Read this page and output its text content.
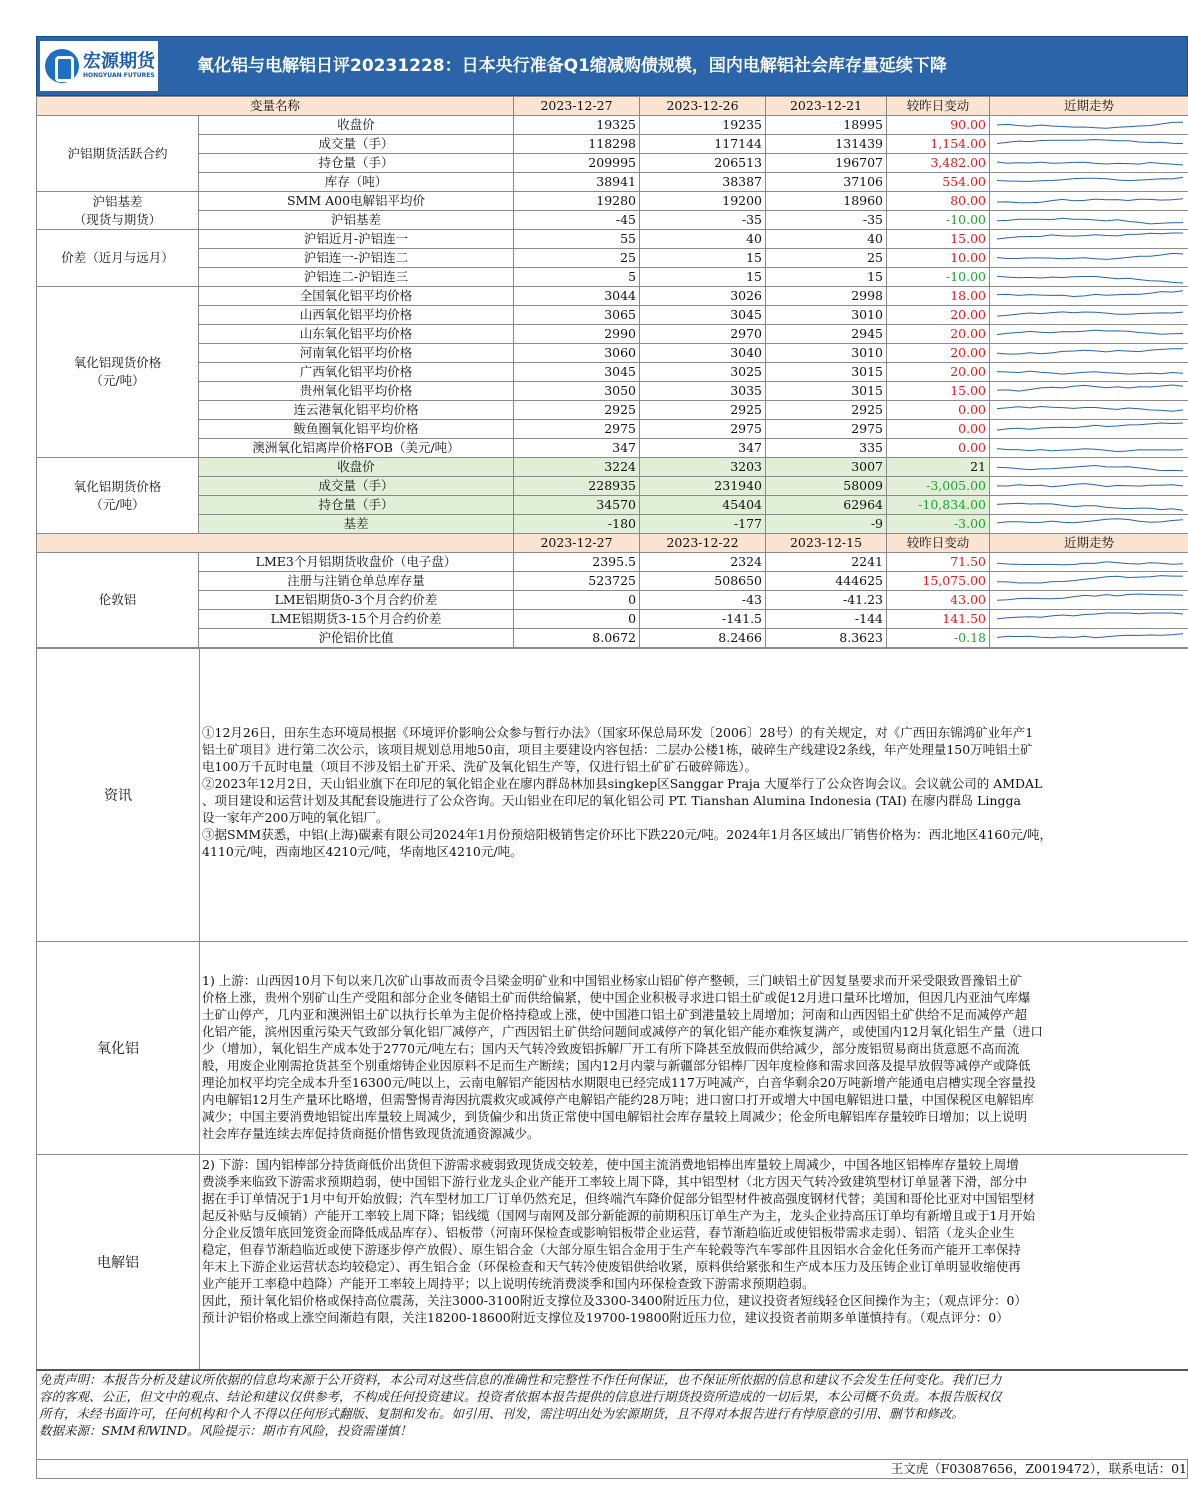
宏源期货
HONGYUAN FUTURES 氧化铝与电解铝日评20231228：日本央行准备Q1缩减购债规模，国内电解铝社会库存量延续下降
变量名称		2023-12-27	2023-12-26	2023-12-21	较昨日变动	近期走势
沪铝期货活跃合约	收盘价	19325	19235	18995	90.00	

	成交量（手）	118298	117144	131439	1,154.00	

	持仓量（手）	209995	206513	196707	3,482.00	

	库存（吨）	38941	38387	37106	554.00	

沪铝基差
（现货与期货）	SMM A00电解铝平均价	19280	19200	18960	80.00	

	沪铝基差	-45	-35	-35	-10.00	

价差（近月与远月）	沪铝近月-沪铝连一	55	40	40	15.00	

	沪铝连一-沪铝连二	25	15	25	10.00	

	沪铝连二-沪铝连三	5	15	15	-10.00	

氧化铝现货价格
（元/吨）	全国氧化铝平均价格	3044	3026	2998	18.00	

	山西氧化铝平均价格	3065	3045	3010	20.00	

	山东氧化铝平均价格	2990	2970	2945	20.00	

	河南氧化铝平均价格	3060	3040	3010	20.00	

	广西氧化铝平均价格	3045	3025	3015	20.00	

	贵州氧化铝平均价格	3050	3035	3015	15.00	

	连云港氧化铝平均价格	2925	2925	2925	0.00	

	鲅鱼圈氧化铝平均价格	2975	2975	2975	0.00	

	澳洲氧化铝离岸价格FOB（美元/吨）	347	347	335	0.00	

氧化铝期货价格
（元/吨）	收盘价	3224	3203	3007	21	

	成交量（手）	228935	231940	58009	-3,005.00	

	持仓量（手）	34570	45404	62964	-10,834.00	

	基差	-180	-177	-9	-3.00	

		2023-12-27	2023-12-22	2023-12-15	较昨日变动	近期走势
伦敦铝	LME3个月铝期货收盘价（电子盘）	2395.5	2324	2241	71.50	

	注册与注销仓单总库存量	523725	508650	444625	15,075.00	

	LME铝期货0-3个月合约价差	0	-43	-41.23	43.00	

	LME铝期货3-15个月合约价差	0	-141.5	-144	141.50	

	沪伦铝价比值	8.0672	8.2466	8.3623	-0.18	
资讯
①12月26日，田东生态环境局根据《环境评价影响公众参与暂行办法》（国家环保总局环发〔2006〕28号）的有关规定，对《广西田东锦鸿矿业年产1
铝土矿项目》进行第二次公示，该项目规划总用地50亩，项目主要建设内容包括：二层办公楼1栋，破碎生产线建设2条线，年产处理量150万吨铝土矿
电100万千瓦时电量（项目不涉及铝土矿开采、洗矿及氧化铝生产等，仅进行铝土矿矿石破碎筛选）。
②2023年12月2日，天山铝业旗下在印尼的氧化铝企业在廖内群岛林加县singkep区Sanggar Praja 大厦举行了公众咨询会议。会议就公司的 AMDAL
、项目建设和运营计划及其配套设施进行了公众咨询。天山铝业在印尼的氧化铝公司 PT. Tianshan Alumina Indonesia (TAI) 在廖内群岛 Lingga
设一家年产200万吨的氧化铝厂。
③据SMM获悉，中铝(上海)碳素有限公司2024年1月份预焙阳极销售定价环比下跌220元/吨。2024年1月各区域出厂销售价格为：西北地区4160元/吨，
4110元/吨，西南地区4210元/吨，华南地区4210元/吨。
氧化铝
1) 上游：山西因10月下旬以来几次矿山事故而责令吕梁金明矿业和中国铝业杨家山铝矿停产整顿，三门峡铝土矿因复垦要求而开采受限致晋豫铝土矿
价格上涨，贵州个别矿山生产受阻和部分企业冬储铝土矿而供给偏紧，使中国企业积极寻求进口铝土矿或促12月进口量环比增加，但因几内亚油气库爆
土矿山停产，几内亚和澳洲铝土矿以执行长单为主促价格持稳或上涨，使中国港口铝土矿到港量较上周增加；河南和山西因铝土矿供给不足而减停产超
化铝产能，滨州因重污染天气致部分氧化铝厂减停产，广西因铝土矿供给问题间或减停产的氧化铝产能亦难恢复满产，或使国内12月氧化铝生产量（进口
少（增加），氧化铝生产成本处于2770元/吨左右；国内天气转冷致废铝拆解厂开工有所下降甚至放假而供给减少，部分废铝贸易商出货意愿不高而流
般，用废企业刚需抢货甚至个别重熔铸企业因原料不足而生产断续；国内12月内蒙与新疆部分铝棒厂因年度检修和需求回落及提早放假等减停产或降低
理论加权平均完全成本升至16300元/吨以上，云南电解铝产能因枯水期限电已经完成117万吨减产，白音华剩余20万吨新增产能通电启槽实现全容量投
内电解铝12月生产量环比略增，但需警惕青海因抗震救灾或减停产电解铝产能约28万吨；进口窗口打开或增大中国电解铝进口量，中国保税区电解铝库
减少；中国主要消费地铝锭出库量较上周减少，到货偏少和出货正常使中国电解铝社会库存量较上周减少；伦金所电解铝库存量较昨日增加；以上说明
社会库存量连续去库促持货商挺价惜售致现货流通资源减少。
电解铝
2) 下游：国内铝棒部分持货商低价出货但下游需求疲弱致现货成交较差，使中国主流消费地铝棒出库量较上周减少，中国各地区铝棒库存量较上周增
费淡季来临致下游需求预期趋弱，使中国铝下游行业龙头企业产能开工率较上周下降，其中铝型材（北方因天气转冷致建筑型材订单显著下滑，部分中
据在手订单情况于1月中旬开始放假；汽车型材加工厂订单仍然充足，但终端汽车降价促部分铝型材件被高强度钢材代替；美国和哥伦比亚对中国铝型材
起反补贴与反倾销）产能开工率较上周下降；铝线缆（国网与南网及部分新能源的前期积压订单生产为主，龙头企业持高压订单均有新增且或于1月开始
分企业反馈年底回笼资金而降低成品库存）、铝板带（河南环保检查或影响铝板带企业运营，春节渐趋临近或使铝板带需求走弱）、铝箔（龙头企业生
稳定，但春节渐趋临近或使下游逐步停产放假）、原生铝合金（大部分原生铝合金用于生产车轮毂等汽车零部件且因铝水合金化任务而产能开工率保持
年末上下游企业运营状态均较稳定）、再生铝合金（环保检查和天气转冷使废铝供给收紧，原料供给紧张和生产成本压力及压铸企业订单明显收缩使再
业产能开工率稳中趋降）产能开工率较上周持平；以上说明传统消费淡季和国内环保检查致下游需求预期趋弱。
因此，预计氧化铝价格或保持高位震荡，关注3000-3100附近支撑位及3300-3400附近压力位，建议投资者短线轻仓区间操作为主；（观点评分：0）
预计沪铝价格或上涨空间渐趋有限，关注18200-18600附近支撑位及19700-19800附近压力位，建议投资者前期多单谨慎持有。（观点评分：0）
免责声明：本报告分析及建议所依据的信息均来源于公开资料，本公司对这些信息的准确性和完整性不作任何保证，也不保证所依据的信息和建议不会发生任何变化。我们已力
容的客观、公正，但文中的观点、结论和建议仅供参考，不构成任何投资建议。投资者依据本报告提供的信息进行期货投资所造成的一切后果，本公司概不负责。本报告版权仅
所有，未经书面许可，任何机构和个人不得以任何形式翻版、复制和发布。如引用、刊发，需注明出处为宏源期货，且不得对本报告进行有悖原意的引用、删节和修改。
数据来源：SMM和WIND。风险提示：期市有风险，投资需谨慎！
王文虎（F03087656，Z0019472），联系电话：01
